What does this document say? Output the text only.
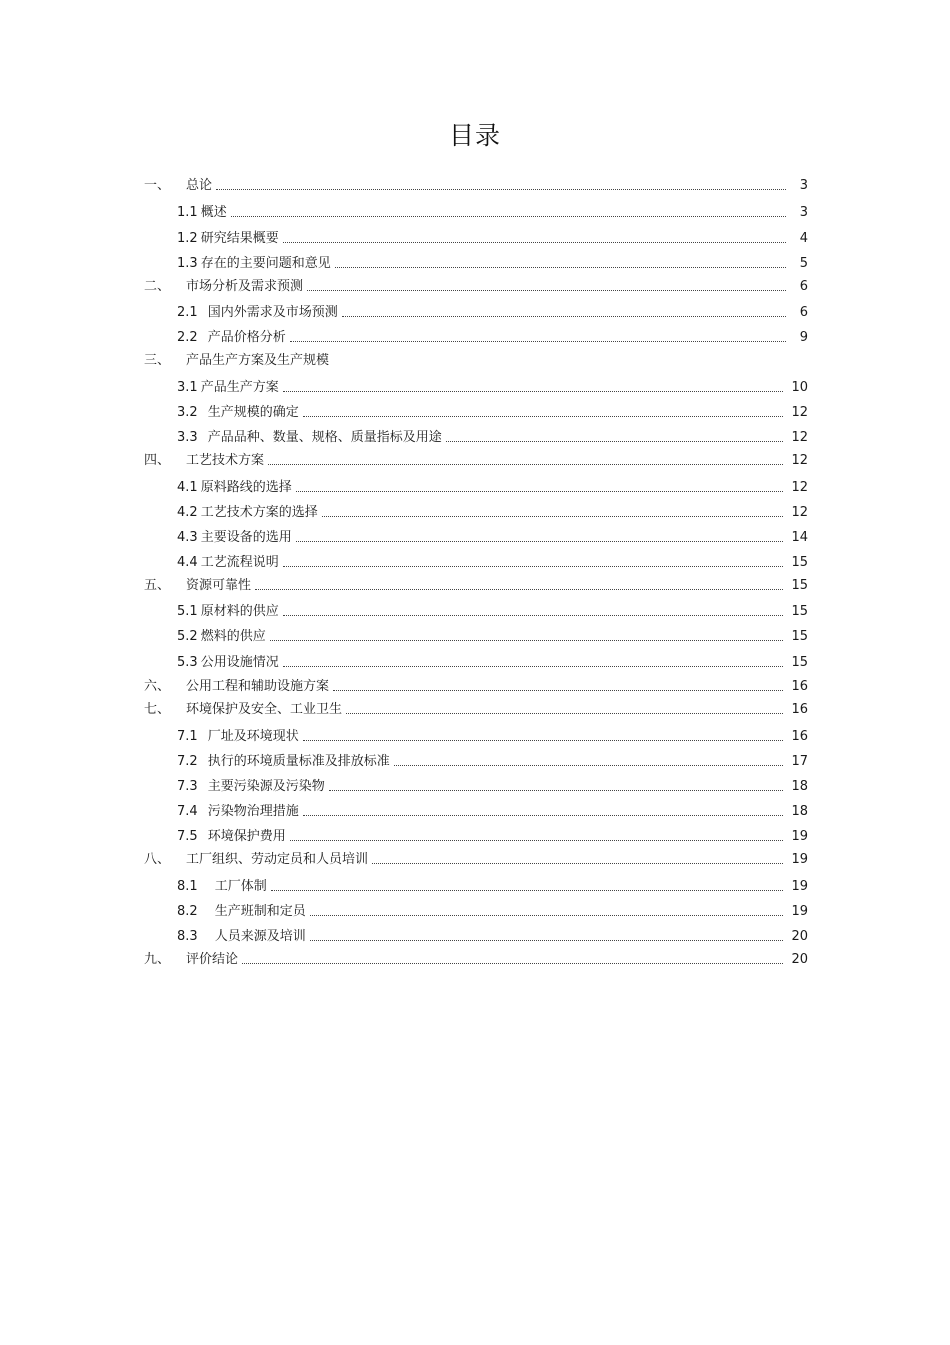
目录
一、	总论	3
1.1 概述	3
1.2 研究结果概要	4
1.3 存在的主要问题和意见	5
二、	市场分析及需求预测	6
2.1 国内外需求及市场预测	6
2.2 产品价格分析	9
三、	产品生产方案及生产规模
3.1 产品生产方案	10
3.2 生产规模的确定	12
3.3 产品品种、数量、规格、质量指标及用途	12
四、	工艺技术方案	12
4.1 原料路线的选择	12
4.2 工艺技术方案的选择	12
4.3 主要设备的选用	14
4.4 工艺流程说明	15
五、	资源可靠性	15
5.1 原材料的供应	15
5.2 燃料的供应	15
5.3 公用设施情况	15
六、	公用工程和辅助设施方案	16
七、	环境保护及安全、工业卫生	16
7.1 厂址及环境现状	16
7.2 执行的环境质量标准及排放标准	17
7.3 主要污染源及污染物	18
7.4 污染物治理措施	18
7.5 环境保护费用	19
八、	工厂组织、劳动定员和人员培训	19
8.1	工厂体制	19
8.2	生产班制和定员	19
8.3	人员来源及培训	20
九、	评价结论	20
